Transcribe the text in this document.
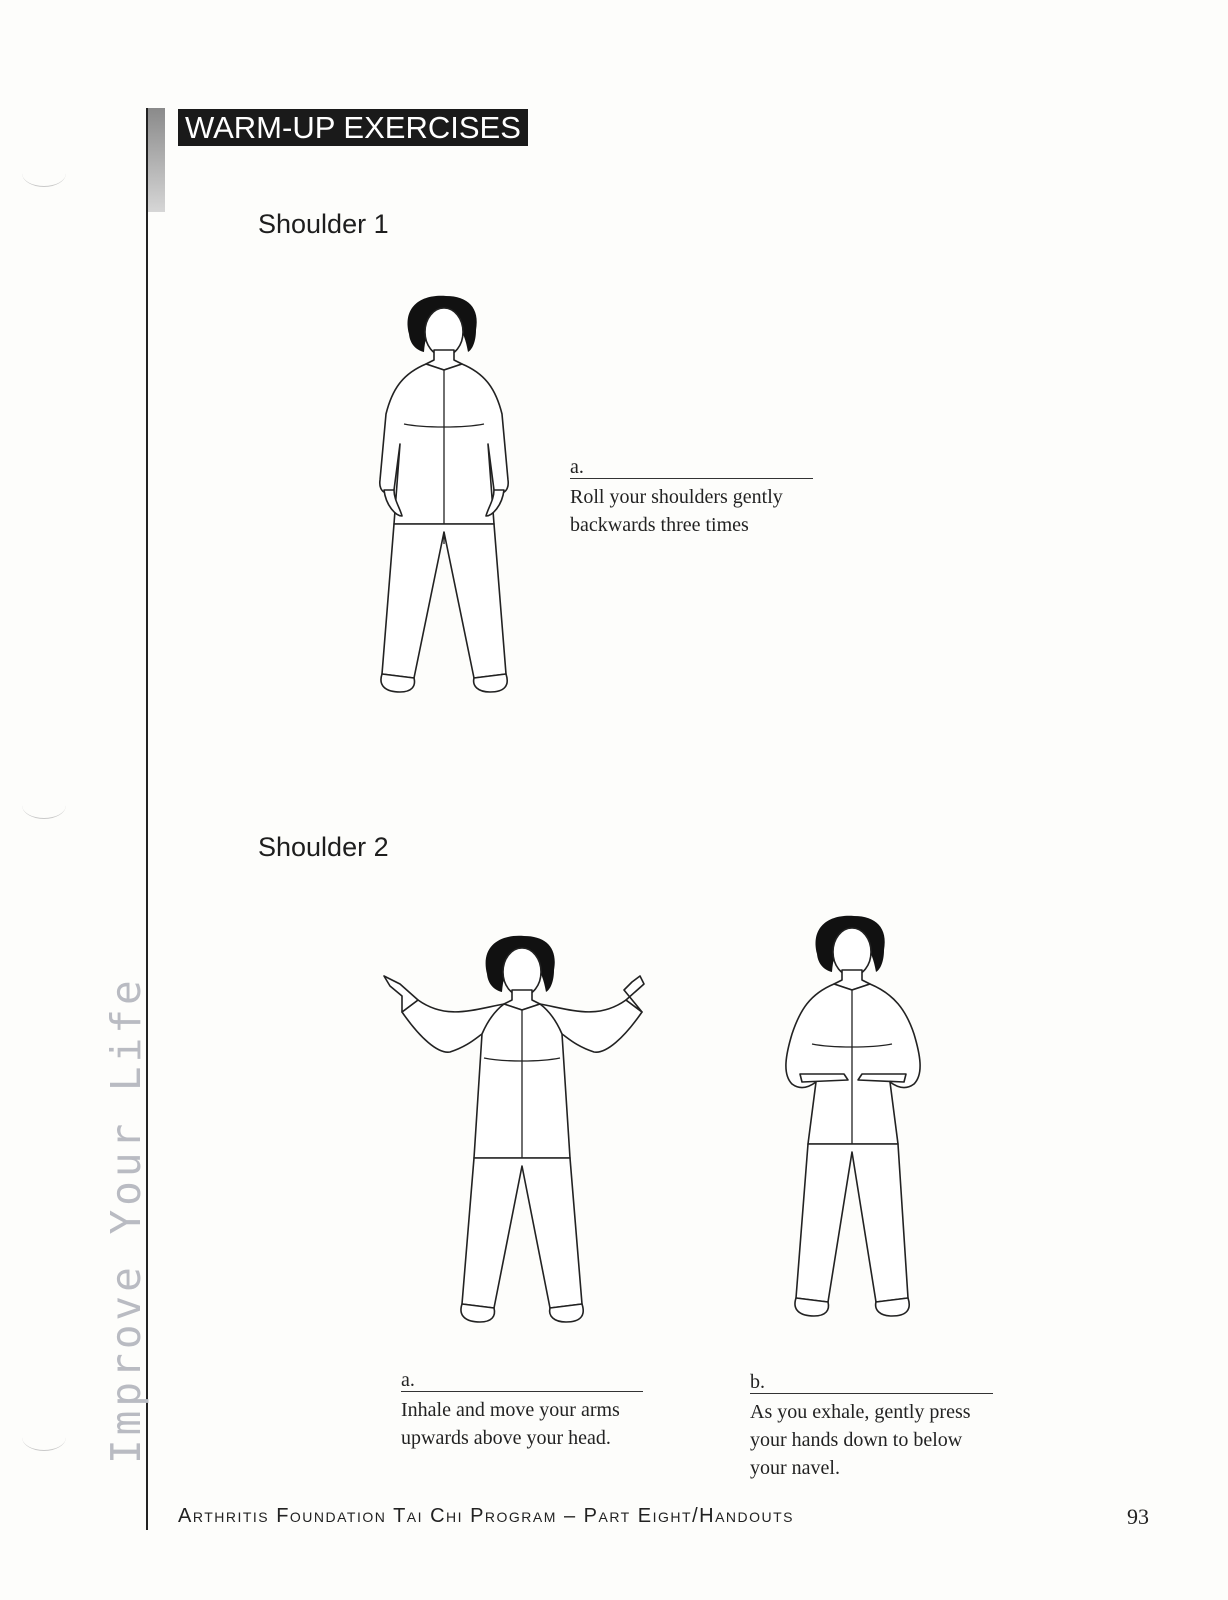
Improve Your Life
WARM-UP EXERCISES
Shoulder 1
a.
Roll your shoulders gently backwards three times
Shoulder 2
a.
Inhale and move your arms upwards above your head.
b.
As you exhale, gently press your hands down to below your navel.
Arthritis Foundation Tai Chi Program – Part Eight/Handouts	93
